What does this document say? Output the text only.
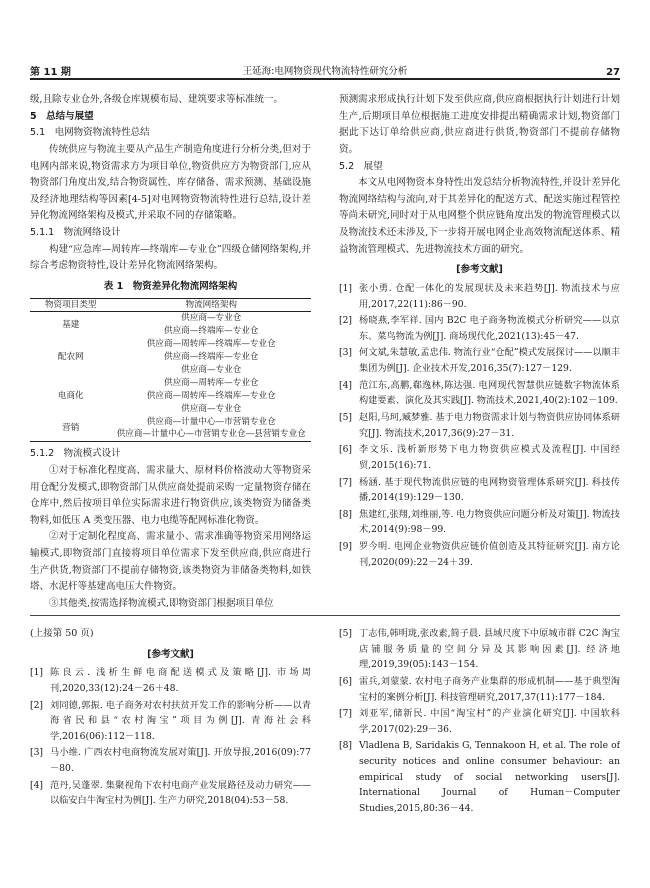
第 11 期	王延海:电网物资现代物流特性研究分析	27

级,且除专业仓外,各级仓库规模布局、建筑要求等标准统一。

5　总结与展望

5.1　电网物资物流特性总结

传统供应与物流主要从产品生产制造角度进行分析分类,但对于电网内部来说,物资需求方为项目单位,物资供应方为物资部门,应从物资部门角度出发,结合物资属性、库存储备、需求预测、基础设施及经济地理结构等因素[4-5]对电网物资物流特性进行总结,设计差异化物流网络架构及模式,并采取不同的存储策略。

5.1.1　物流网络设计

构建“应急库—周转库—终端库—专业仓”四级仓储网络架构,并综合考虑物资特性,设计差异化物流网络架构。

表 1　物资差异化物流网络架构

物资项目类型	物流网络架构
基建	供应商—专业仓
	供应商—终端库—专业仓
配农网	供应商—周转库—终端库—专业仓
	供应商—终端库—专业仓
	供应商—专业仓
电商化	供应商—周转库—专业仓
	供应商—周转库—终端库—专业仓
	供应商—专业仓
营销	供应商—计量中心—市营销专业仓
	供应商—计量中心—市营销专业仓—县营销专业仓

5.1.2　物流模式设计

①对于标准化程度高、需求量大、原材料价格波动大等物资采用仓配分发模式,即物资部门从供应商处提前采购一定量物资存储在仓库中,然后按项目单位实际需求进行物资供应,该类物资为储备类物料,如低压 A 类变压器、电力电缆等配网标准化物资。

②对于定制化程度高、需求量小、需求准确等物资采用网络运输模式,即物资部门直接将项目单位需求下发至供应商,供应商进行生产供货,物资部门不提前存储物资,该类物资为非储备类物料,如铁塔、水泥杆等基建高电压大件物资。

③其他类,按需选择物流模式,即物资部门根据项目单位

预测需求形成执行计划下发至供应商,供应商根据执行计划进行计划生产,后期项目单位根据施工进度安排提出精确需求计划,物资部门据此下达订单给供应商,供应商进行供货,物资部门不提前存储物资。

5.2　展望

本文从电网物资本身特性出发总结分析物流特性,并设计差异化物流网络结构与流向,对于其差异化的配送方式、配送实施过程管控等尚未研究,同时对于从电网整个供应链角度出发的物流管理模式以及物流技术还未涉及,下一步将开展电网企业高效物流配送体系、精益物流管理模式、先进物流技术方面的研究。

[参考文献]

[1] 张小勇. 仓配一体化的发展现状及未来趋势[J]. 物流技术与应用,2017,22(11):86－90.
[2] 杨晓燕,李军祥. 国内 B2C 电子商务物流模式分析研究——以京东、菜鸟物流为例[J]. 商场现代化,2021(13):45－47.
[3] 何文斌,朱慧敏,孟忠伟. 物流行业“仓配”模式发展探讨——以顺丰集团为例[J]. 企业技术开发,2016,35(7):127－129.
[4] 范江东,高鹏,郗逸林,陈达强. 电网现代智慧供应链数字物流体系构建要素、演化及其实践[J]. 物流技术,2021,40(2):102－109.
[5] 赵阳,马珂,臧梦雅. 基于电力物资需求计划与物资供应协同体系研究[J]. 物流技术,2017,36(9):27－31.
[6] 李文乐. 浅析新形势下电力物资供应模式及流程[J]. 中国经贸,2015(16):71.
[7] 杨涵. 基于现代物流供应链的电网物资管理体系研究[J]. 科技传播,2014(19):129－130.
[8] 焦建红,张翔,刘维丽,等. 电力物资供应问题分析及对策[J]. 物流技术,2014(9):98－99.
[9] 罗今明. 电网企业物资供应链价值创造及其特征研究[J]. 南方论刊,2020(09):22－24＋39.

(上接第 50 页)

[参考文献]

[1] 陈良云. 浅析生鲜电商配送模式及策略[J]. 市场周刊,2020,33(12):24－26＋48.
[2] 刘同德,郭振. 电子商务对农村扶贫开发工作的影响分析——以青海省民和县“农村淘宝”项目为例[J]. 青海社会科学,2016(06):112－118.
[3] 马小维. 广西农村电商物流发展对策[J]. 开放导报,2016(09):77－80.
[4] 范丹,吴蓬翠. 集聚视角下农村电商产业发展路径及动力研究——以临安白牛淘宝村为例[J]. 生产力研究,2018(04):53－58.
[5] 丁志伟,韩明珑,张改素,简子晨. 县域尺度下中原城市群 C2C 淘宝店铺服务质量的空间分异及其影响因素[J]. 经济地理,2019,39(05):143－154.
[6] 雷兵,刘蒙蒙. 农村电子商务产业集群的形成机制——基于典型淘宝村的案例分析[J]. 科技管理研究,2017,37(11):177－184.
[7] 刘亚军,储新民. 中国“淘宝村”的产业演化研究[J]. 中国软科学,2017(02):29－36.
[8] Vladlena B, Saridakis G, Tennakoon H, et al. The role of security notices and online consumer behaviour: an empirical study of social networking users[J]. International Journal of Human－Computer Studies,2015,80:36－44.
